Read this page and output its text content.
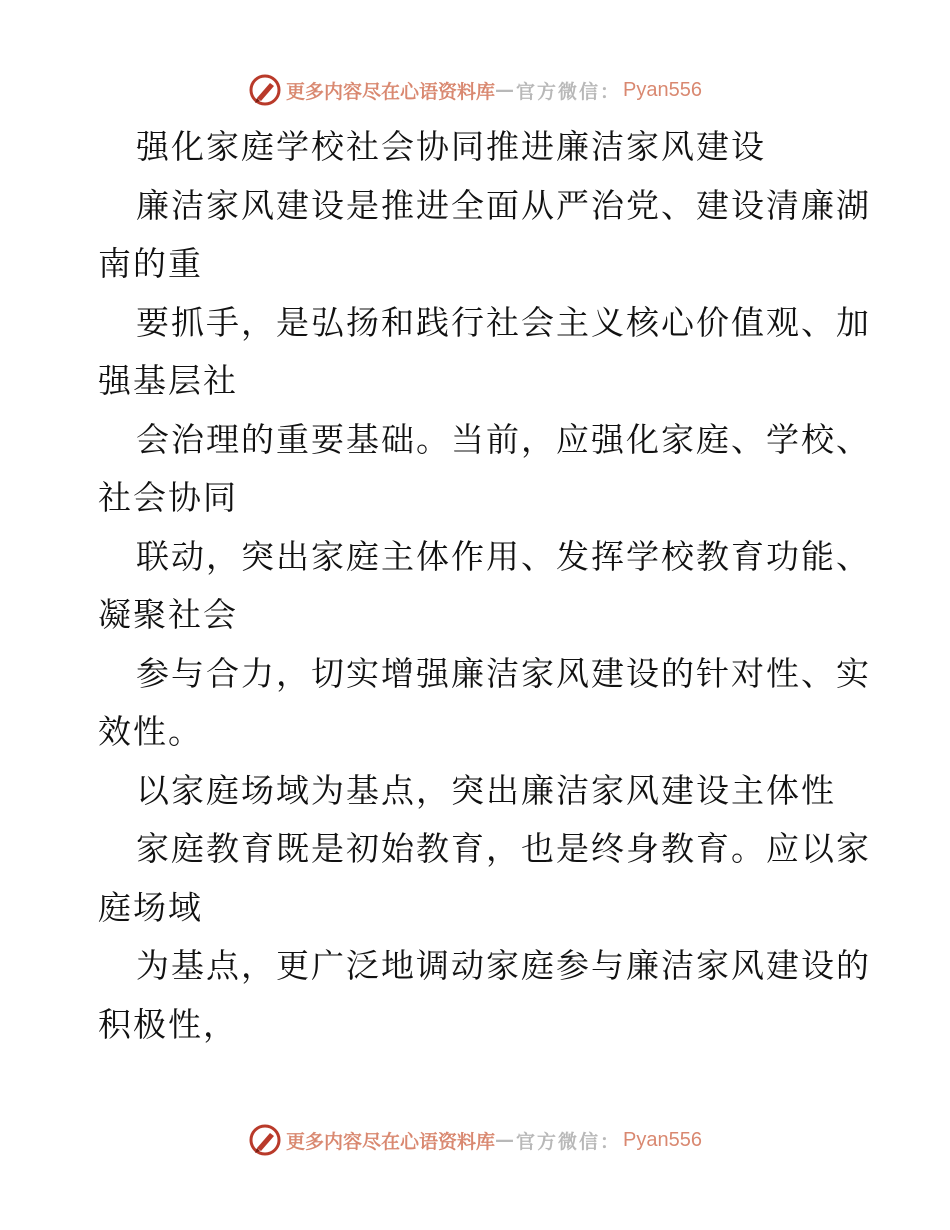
更多内容尽在心语资料库 — 官方微信： Pyan556
强化家庭学校社会协同推进廉洁家风建设
廉洁家风建设是推进全面从严治党、建设清廉湖
南的重
要抓手，是弘扬和践行社会主义核心价值观、加
强基层社
会治理的重要基础。当前，应强化家庭、学校、
社会协同
联动，突出家庭主体作用、发挥学校教育功能、
凝聚社会
参与合力，切实增强廉洁家风建设的针对性、实
效性。
以家庭场域为基点，突出廉洁家风建设主体性
家庭教育既是初始教育，也是终身教育。应以家
庭场域
为基点，更广泛地调动家庭参与廉洁家风建设的
积极性，
更多内容尽在心语资料库 — 官方微信： Pyan556
